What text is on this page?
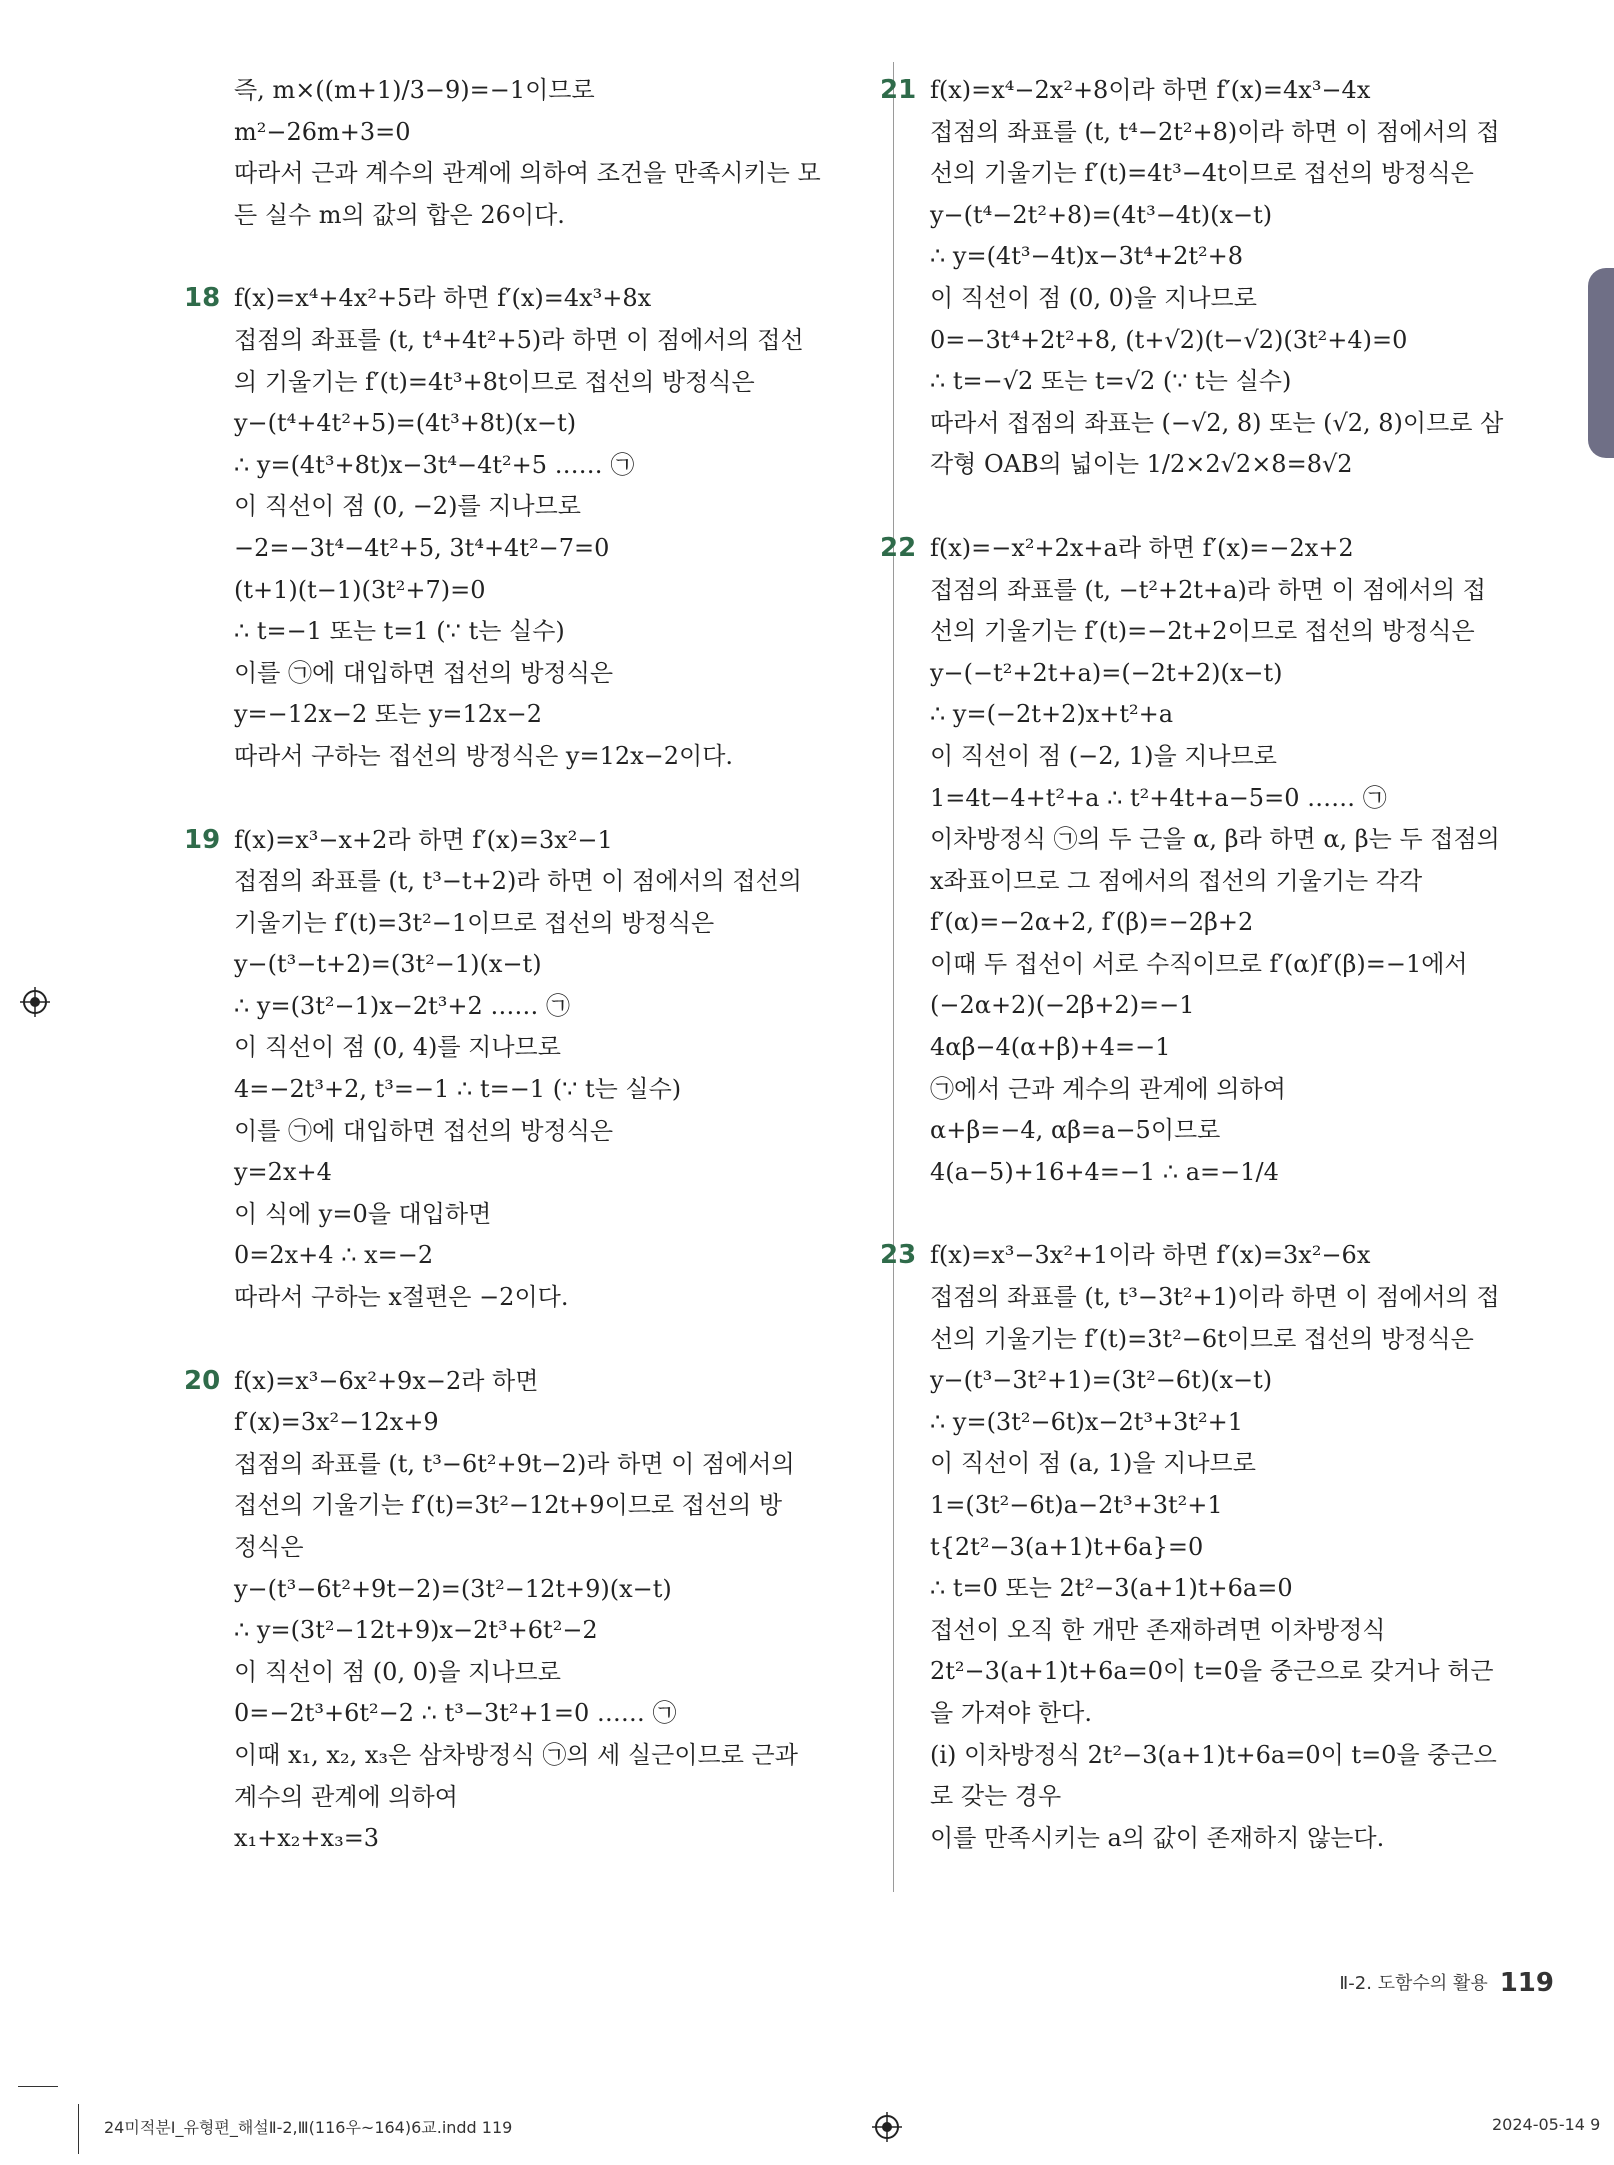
즉, m×((m+1)/3−9)=−1이므로
m²−26m+3=0
따라서 근과 계수의 관계에 의하여 조건을 만족시키는 모
든 실수 m의 값의 합은 26이다.
18 f(x)=x⁴+4x²+5라 하면 f′(x)=4x³+8x
접점의 좌표를 (t, t⁴+4t²+5)라 하면 이 점에서의 접선
의 기울기는 f′(t)=4t³+8t이므로 접선의 방정식은
y−(t⁴+4t²+5)=(4t³+8t)(x−t)
∴ y=(4t³+8t)x−3t⁴−4t²+5 …… ㉠
이 직선이 점 (0, −2)를 지나므로
−2=−3t⁴−4t²+5, 3t⁴+4t²−7=0
(t+1)(t−1)(3t²+7)=0
∴ t=−1 또는 t=1 (∵ t는 실수)
이를 ㉠에 대입하면 접선의 방정식은
y=−12x−2 또는 y=12x−2
따라서 구하는 접선의 방정식은 y=12x−2이다.
19 f(x)=x³−x+2라 하면 f′(x)=3x²−1
접점의 좌표를 (t, t³−t+2)라 하면 이 점에서의 접선의
기울기는 f′(t)=3t²−1이므로 접선의 방정식은
y−(t³−t+2)=(3t²−1)(x−t)
∴ y=(3t²−1)x−2t³+2 …… ㉠
이 직선이 점 (0, 4)를 지나므로
4=−2t³+2, t³=−1 ∴ t=−1 (∵ t는 실수)
이를 ㉠에 대입하면 접선의 방정식은
y=2x+4
이 식에 y=0을 대입하면
0=2x+4 ∴ x=−2
따라서 구하는 x절편은 −2이다.
20 f(x)=x³−6x²+9x−2라 하면
f′(x)=3x²−12x+9
접점의 좌표를 (t, t³−6t²+9t−2)라 하면 이 점에서의
접선의 기울기는 f′(t)=3t²−12t+9이므로 접선의 방
정식은
y−(t³−6t²+9t−2)=(3t²−12t+9)(x−t)
∴ y=(3t²−12t+9)x−2t³+6t²−2
이 직선이 점 (0, 0)을 지나므로
0=−2t³+6t²−2 ∴ t³−3t²+1=0 …… ㉠
이때 x₁, x₂, x₃은 삼차방정식 ㉠의 세 실근이므로 근과
계수의 관계에 의하여
x₁+x₂+x₃=3
21 f(x)=x⁴−2x²+8이라 하면 f′(x)=4x³−4x
접점의 좌표를 (t, t⁴−2t²+8)이라 하면 이 점에서의 접
선의 기울기는 f′(t)=4t³−4t이므로 접선의 방정식은
y−(t⁴−2t²+8)=(4t³−4t)(x−t)
∴ y=(4t³−4t)x−3t⁴+2t²+8
이 직선이 점 (0, 0)을 지나므로
0=−3t⁴+2t²+8, (t+√2)(t−√2)(3t²+4)=0
∴ t=−√2 또는 t=√2 (∵ t는 실수)
따라서 접점의 좌표는 (−√2, 8) 또는 (√2, 8)이므로 삼
각형 OAB의 넓이는 1/2×2√2×8=8√2
22 f(x)=−x²+2x+a라 하면 f′(x)=−2x+2
접점의 좌표를 (t, −t²+2t+a)라 하면 이 점에서의 접
선의 기울기는 f′(t)=−2t+2이므로 접선의 방정식은
y−(−t²+2t+a)=(−2t+2)(x−t)
∴ y=(−2t+2)x+t²+a
이 직선이 점 (−2, 1)을 지나므로
1=4t−4+t²+a ∴ t²+4t+a−5=0 …… ㉠
이차방정식 ㉠의 두 근을 α, β라 하면 α, β는 두 접점의
x좌표이므로 그 점에서의 접선의 기울기는 각각
f′(α)=−2α+2, f′(β)=−2β+2
이때 두 접선이 서로 수직이므로 f′(α)f′(β)=−1에서
(−2α+2)(−2β+2)=−1
4αβ−4(α+β)+4=−1
㉠에서 근과 계수의 관계에 의하여
α+β=−4, αβ=a−5이므로
4(a−5)+16+4=−1 ∴ a=−1/4
23 f(x)=x³−3x²+1이라 하면 f′(x)=3x²−6x
접점의 좌표를 (t, t³−3t²+1)이라 하면 이 점에서의 접
선의 기울기는 f′(t)=3t²−6t이므로 접선의 방정식은
y−(t³−3t²+1)=(3t²−6t)(x−t)
∴ y=(3t²−6t)x−2t³+3t²+1
이 직선이 점 (a, 1)을 지나므로
1=(3t²−6t)a−2t³+3t²+1
t{2t²−3(a+1)t+6a}=0
∴ t=0 또는 2t²−3(a+1)t+6a=0
접선이 오직 한 개만 존재하려면 이차방정식
2t²−3(a+1)t+6a=0이 t=0을 중근으로 갖거나 허근
을 가져야 한다.
(i) 이차방정식 2t²−3(a+1)t+6a=0이 t=0을 중근으
로 갖는 경우
이를 만족시키는 a의 값이 존재하지 않는다.
Ⅱ-2. 도함수의 활용 119
24미적분Ⅰ_유형편_해설Ⅱ-2,Ⅲ(116우~164)6교.indd 119	2024-05-14 9
